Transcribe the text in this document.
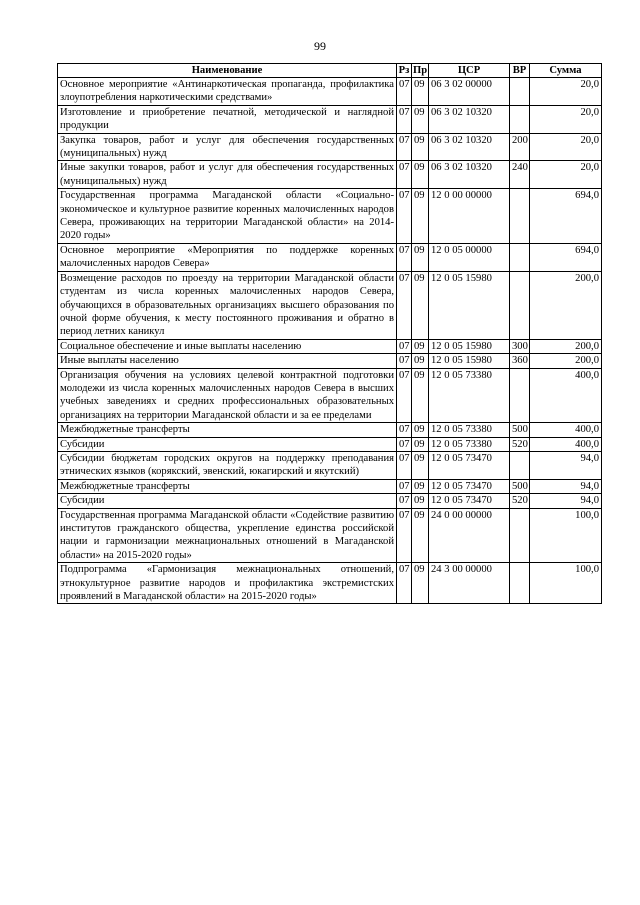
99
Наименование	Рз	Пр	ЦСР	ВР	Сумма
Основное мероприятие «Антинаркотическая пропаганда, профилактика злоупотребления наркотическими средствами»	07	09	06 3 02 00000		20,0
Изготовление и приобретение печатной, методической и наглядной продукции	07	09	06 3 02 10320		20,0
Закупка товаров, работ и услуг для обеспечения государственных (муниципальных) нужд	07	09	06 3 02 10320	200	20,0
Иные закупки товаров, работ и услуг для обеспечения государственных (муниципальных) нужд	07	09	06 3 02 10320	240	20,0
Государственная программа Магаданской области «Социально-экономическое и культурное развитие коренных малочисленных народов Севера, проживающих на территории Магаданской области» на 2014-2020 годы»	07	09	12 0 00 00000		694,0
Основное мероприятие «Мероприятия по поддержке коренных малочисленных народов Севера»	07	09	12 0 05 00000		694,0
Возмещение расходов по проезду на территории Магаданской области студентам из числа коренных малочисленных народов Севера, обучающихся в образовательных организациях высшего образования по очной форме обучения, к месту постоянного проживания и обратно в период летних каникул	07	09	12 0 05 15980		200,0
Социальное обеспечение и иные выплаты населению	07	09	12 0 05 15980	300	200,0
Иные выплаты населению	07	09	12 0 05 15980	360	200,0
Организация обучения на условиях целевой контрактной подготовки молодежи из числа коренных малочисленных народов Севера в высших учебных заведениях и средних профессиональных образовательных организациях на территории Магаданской области и за ее пределами	07	09	12 0 05 73380		400,0
Межбюджетные трансферты	07	09	12 0 05 73380	500	400,0
Субсидии	07	09	12 0 05 73380	520	400,0
Субсидии бюджетам городских округов на поддержку преподавания этнических языков (корякский, эвенский, юкагирский и якутский)	07	09	12 0 05 73470		94,0
Межбюджетные трансферты	07	09	12 0 05 73470	500	94,0
Субсидии	07	09	12 0 05 73470	520	94,0
Государственная программа Магаданской области «Содействие развитию институтов гражданского общества, укрепление единства российской нации и гармонизации межнациональных отношений в Магаданской области» на 2015-2020 годы»	07	09	24 0 00 00000		100,0
Подпрограмма «Гармонизация межнациональных отношений, этнокультурное развитие народов и профилактика экстремистских проявлений в Магаданской области» на 2015-2020 годы»	07	09	24 3 00 00000		100,0
